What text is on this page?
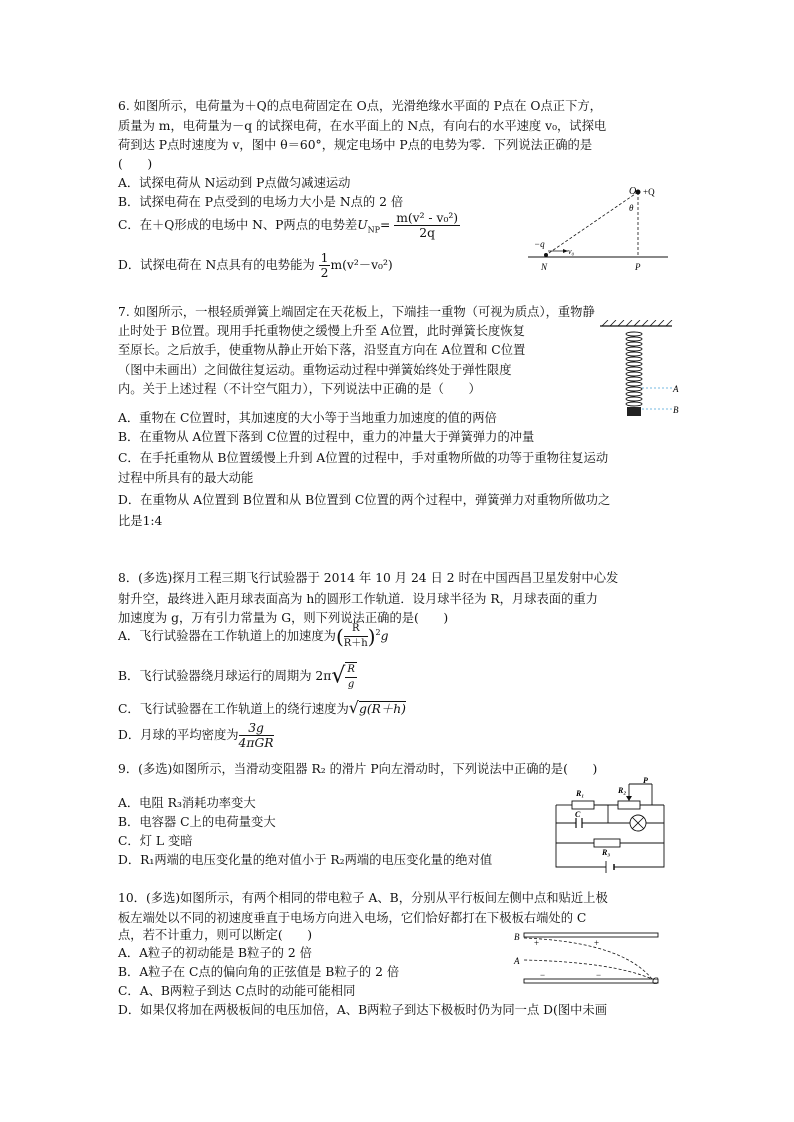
6. 如图所示，电荷量为＋Q的点电荷固定在 O点，光滑绝缘水平面的 P点在 O点正下方，
质量为 m，电荷量为－q 的试探电荷，在水平面上的 N点，有向右的水平速度 v₀，试探电
荷到达 P点时速度为 v，图中 θ＝60°，规定电场中 P点的电势为零．下列说法正确的是
(　　)
A．试探电荷从 N运动到 P点做匀减速运动
B．试探电荷在 P点受到的电场力大小是 N点的 2 倍
C．在＋Q形成的电场中 N、P两点的电势差$U_{NP}= \frac{\text{m(v² - v₀²)}}{2q}$
D．试探电荷在 N点具有的电势能为 $\frac{1}{2} m(v^2-v_0^2)$
O +Q
θ
−q
v₀
N	P
7. 如图所示，一根轻质弹簧上端固定在天花板上，下端挂一重物（可视为质点），重物静
止时处于 B位置。现用手托重物使之缓慢上升至 A位置，此时弹簧长度恢复
至原长。之后放手，使重物从静止开始下落，沿竖直方向在 A位置和 C位置
（图中未画出）之间做往复运动。重物运动过程中弹簧始终处于弹性限度
内。关于上述过程（不计空气阻力），下列说法中正确的是（　　）
A．重物在 C位置时，其加速度的大小等于当地重力加速度的值的两倍
B．在重物从 A位置下落到 C位置的过程中，重力的冲量大于弹簧弹力的冲量
C．在手托重物从 B位置缓慢上升到 A位置的过程中，手对重物所做的功等于重物往复运动
过程中所具有的最大动能
D．在重物从 A位置到 B位置和从 B位置到 C位置的两个过程中，弹簧弹力对重物所做功之
比是1:4
A
B
8．(多选)探月工程三期飞行试验器于 2014 年 10 月 24 日 2 时在中国西昌卫星发射中心发
射升空，最终进入距月球表面高为 h的圆形工作轨道．设月球半径为 R，月球表面的重力
加速度为 g，万有引力常量为 G，则下列说法正确的是(　　)
A．飞行试验器在工作轨道上的加速度为( $\frac{R}{R+h} )^2g$
B．飞行试验器绕月球运行的周期为 $2\pi√ \frac{R}{g}$
C．飞行试验器在工作轨道上的绕行速度为√g(R＋h)
D．月球的平均密度为 $\frac{3g}{\text{4πGR}}$
9．(多选)如图所示，当滑动变阻器 R₂ 的滑片 P向左滑动时，下列说法中正确的是(　　)
A．电阻 R₃消耗功率变大
B．电容器 C上的电荷量变大
C．灯 L 变暗
D．R₁两端的电压变化量的绝对值小于 R₂两端的电压变化量的绝对值
R₁	R₂
P
C
R₃
10．(多选)如图所示，有两个相同的带电粒子 A、B，分别从平行板间左侧中点和贴近上极
板左端处以不同的初速度垂直于电场方向进入电场，它们恰好都打在下极板右端处的 C
点，若不计重力，则可以断定(　　)
A．A粒子的初动能是 B粒子的 2 倍
B．A粒子在 C点的偏向角的正弦值是 B粒子的 2 倍
C．A、B两粒子到达 C点时的动能可能相同
D．如果仅将加在两极板间的电压加倍，A、B两粒子到达下极板时仍为同一点 D(图中未画
+	+
−	−
B
A
C
